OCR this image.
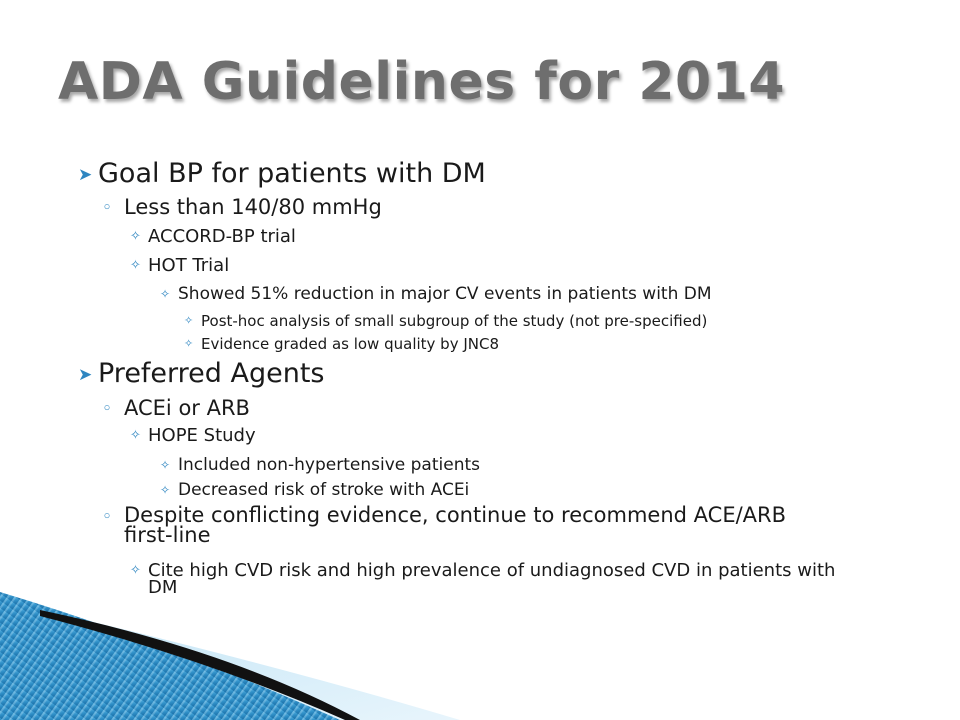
ADA Guidelines for 2014
➤ Goal BP for patients with DM
◦ Less than 140/80 mmHg
✧ ACCORD-BP trial
✧ HOT Trial
✧ Showed 51% reduction in major CV events in patients with DM
✧ Post-hoc analysis of small subgroup of the study (not pre-specified)
✧ Evidence graded as low quality by JNC8
➤ Preferred Agents
◦ ACEi or ARB
✧ HOPE Study
✧ Included non-hypertensive patients
✧ Decreased risk of stroke with ACEi
◦ Despite conflicting evidence, continue to recommend ACE/ARB first-line
✧ Cite high CVD risk and high prevalence of undiagnosed CVD in patients with DM
